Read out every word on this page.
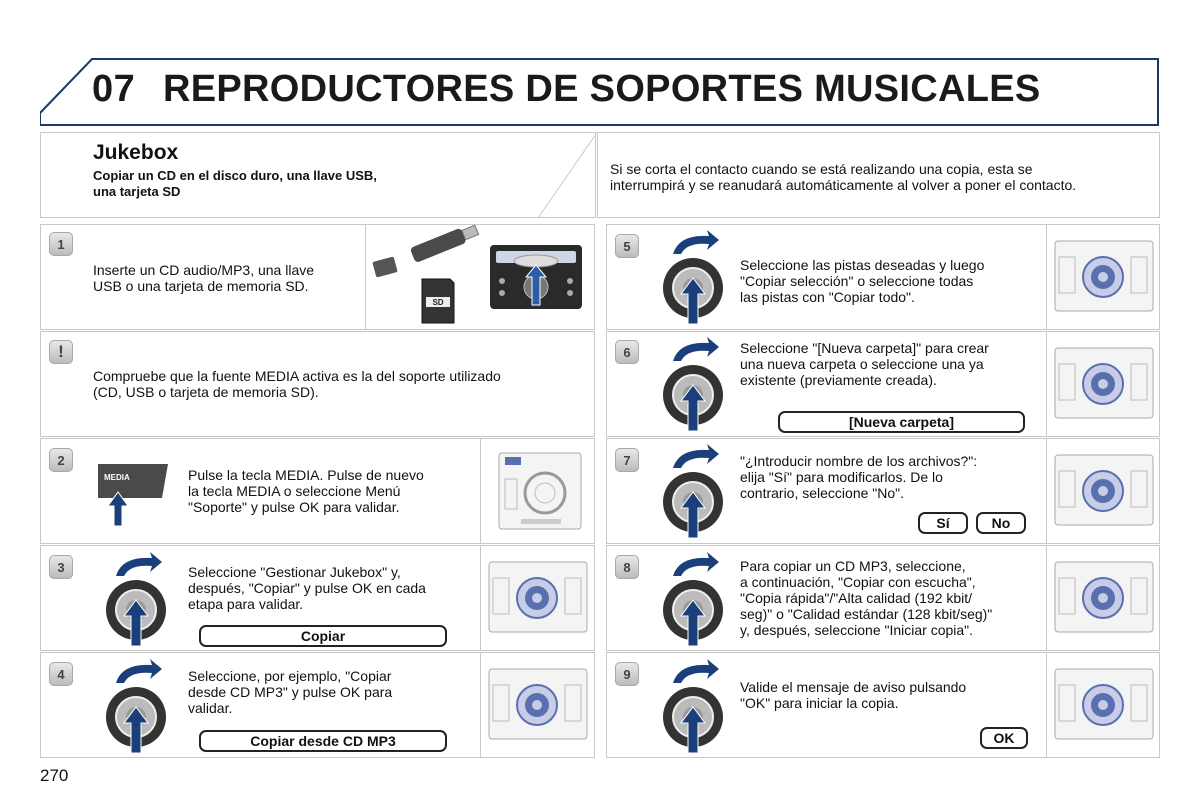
07 REPRODUCTORES DE SOPORTES MUSICALES
Jukebox
Copiar un CD en el disco duro, una llave USB,
una tarjeta SD
Si se corta el contacto cuando se está realizando una copia, esta se
interrumpirá y se reanudará automáticamente al volver a poner el contacto.
1
Inserte un CD audio/MP3, una llave
USB o una tarjeta de memoria SD.
SD
!
Compruebe que la fuente MEDIA activa es la del soporte utilizado
(CD, USB o tarjeta de memoria SD).
2
MEDIA	Pulse la tecla MEDIA. Pulse de nuevo
la tecla MEDIA o seleccione Menú
"Soporte" y pulse OK para validar.
3	Seleccione "Gestionar Jukebox" y,
después, "Copiar" y pulse OK en cada
etapa para validar.
Copiar
4	Seleccione, por ejemplo, "Copiar
desde CD MP3" y pulse OK para
validar.
Copiar desde CD MP3
5
Seleccione las pistas deseadas y luego
"Copiar selección" o seleccione todas
las pistas con "Copiar todo".
6	Seleccione "[Nueva carpeta]" para crear
una nueva carpeta o seleccione una ya
existente (previamente creada).
[Nueva carpeta]
7	"¿Introducir nombre de los archivos?":
elija "Sí" para modificarlos. De lo
contrario, seleccione "No".
Sí	No
8	Para copiar un CD MP3, seleccione,
a continuación, "Copiar con escucha",
"Copia rápida"/"Alta calidad (192 kbit/
seg)" o "Calidad estándar (128 kbit/seg)"
y, después, seleccione "Iniciar copia".
9
Valide el mensaje de aviso pulsando
"OK" para iniciar la copia.
OK
270
